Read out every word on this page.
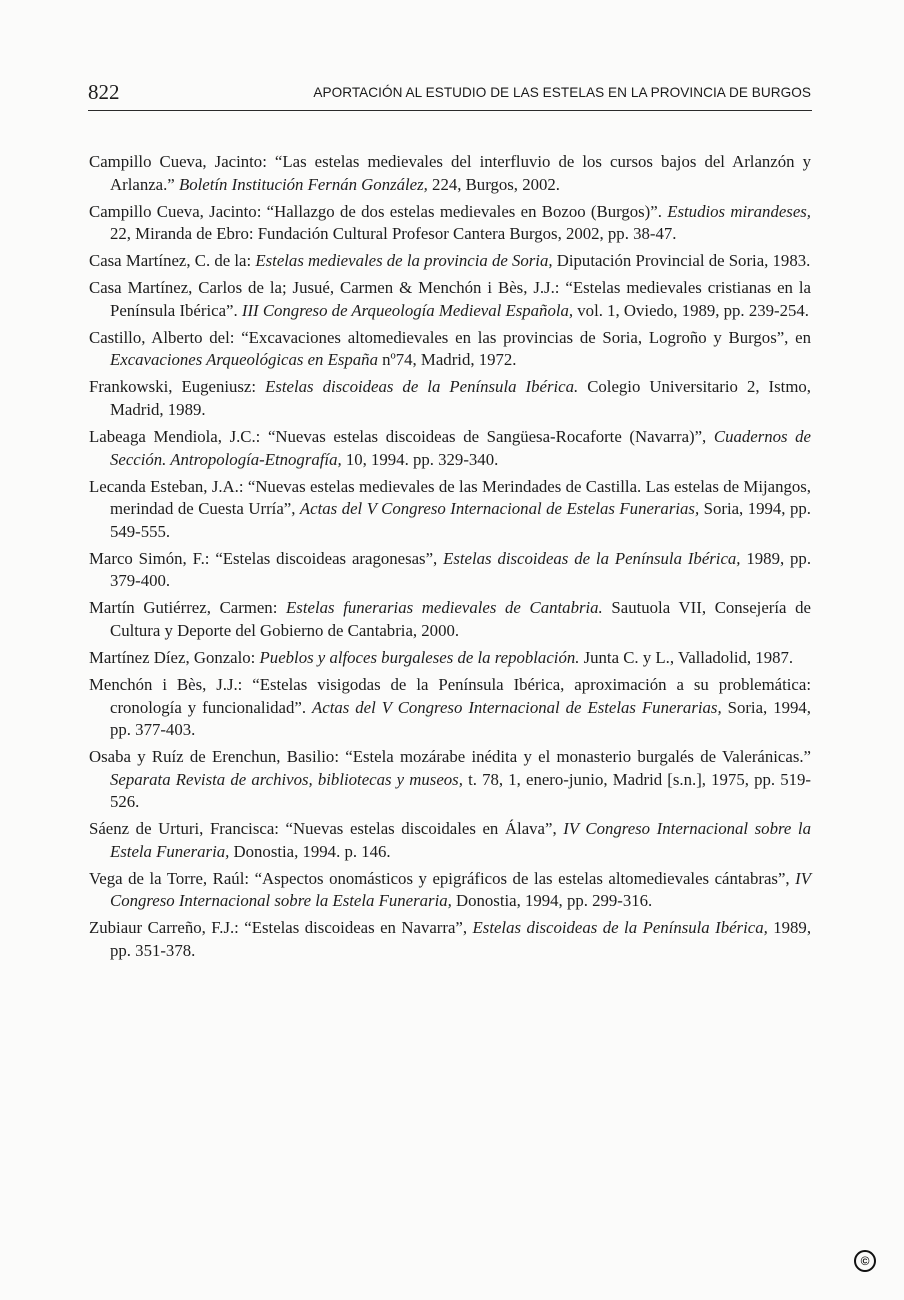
822	APORTACIÓN AL ESTUDIO DE LAS ESTELAS EN LA PROVINCIA DE BURGOS
Campillo Cueva, Jacinto: “Las estelas medievales del interfluvio de los cursos bajos del Arlanzón y Arlanza.” Boletín Institución Fernán González, 224, Burgos, 2002.
Campillo Cueva, Jacinto: “Hallazgo de dos estelas medievales en Bozoo (Burgos)”. Estudios mirandeses, 22, Miranda de Ebro: Fundación Cultural Profesor Cantera Burgos, 2002, pp. 38-47.
Casa Martínez, C. de la: Estelas medievales de la provincia de Soria, Diputación Provincial de Soria, 1983.
Casa Martínez, Carlos de la; Jusué, Carmen & Menchón i Bès, J.J.: “Estelas medievales cristianas en la Península Ibérica”. III Congreso de Arqueología Medieval Española, vol. 1, Oviedo, 1989, pp. 239-254.
Castillo, Alberto del: “Excavaciones altomedievales en las provincias de Soria, Logroño y Burgos”, en Excavaciones Arqueológicas en España nº74, Madrid, 1972.
Frankowski, Eugeniusz: Estelas discoideas de la Península Ibérica. Colegio Universitario 2, Istmo, Madrid, 1989.
Labeaga Mendiola, J.C.: “Nuevas estelas discoideas de Sangüesa-Rocaforte (Navarra)”, Cuadernos de Sección. Antropología-Etnografía, 10, 1994. pp. 329-340.
Lecanda Esteban, J.A.: “Nuevas estelas medievales de las Merindades de Castilla. Las estelas de Mijangos, merindad de Cuesta Urría”, Actas del V Congreso Internacional de Estelas Funerarias, Soria, 1994, pp. 549-555.
Marco Simón, F.: “Estelas discoideas aragonesas”, Estelas discoideas de la Península Ibérica, 1989, pp. 379-400.
Martín Gutiérrez, Carmen: Estelas funerarias medievales de Cantabria. Sautuola VII, Consejería de Cultura y Deporte del Gobierno de Cantabria, 2000.
Martínez Díez, Gonzalo: Pueblos y alfoces burgaleses de la repoblación. Junta C. y L., Valladolid, 1987.
Menchón i Bès, J.J.: “Estelas visigodas de la Península Ibérica, aproximación a su problemática: cronología y funcionalidad”. Actas del V Congreso Internacional de Estelas Funerarias, Soria, 1994, pp. 377-403.
Osaba y Ruíz de Erenchun, Basilio: “Estela mozárabe inédita y el monasterio burgalés de Valeránicas.” Separata Revista de archivos, bibliotecas y museos, t. 78, 1, enero-junio, Madrid [s.n.], 1975, pp. 519-526.
Sáenz de Urturi, Francisca: “Nuevas estelas discoidales en Álava”, IV Congreso Internacional sobre la Estela Funeraria, Donostia, 1994. p. 146.
Vega de la Torre, Raúl: “Aspectos onomásticos y epigráficos de las estelas altomedievales cántabras”, IV Congreso Internacional sobre la Estela Funeraria, Donostia, 1994, pp. 299-316.
Zubiaur Carreño, F.J.: “Estelas discoideas en Navarra”, Estelas discoideas de la Península Ibérica, 1989, pp. 351-378.
©
